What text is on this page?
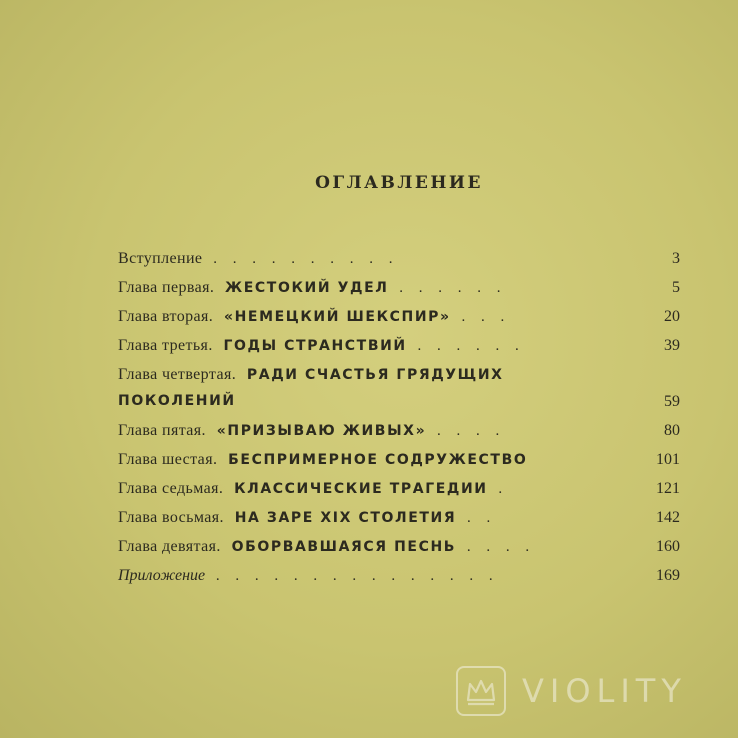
ОГЛАВЛЕНИЕ
Вступление . . . . . . . . . .	3
Глава первая. ЖЕСТОКИЙ УДЕЛ . . . . . .	5
Глава вторая. «НЕМЕЦКИЙ ШЕКСПИР» . . .	20
Глава третья. ГОДЫ СТРАНСТВИЙ . . . . . .	39
Глава четвертая. РАДИ СЧАСТЬЯ ГРЯДУЩИХ
ПОКОЛЕНИЙ	59
Глава пятая. «ПРИЗЫВАЮ ЖИВЫХ» . . . .	80
Глава шестая. БЕСПРИМЕРНОЕ СОДРУЖЕСТВО	101
Глава седьмая. КЛАССИЧЕСКИЕ ТРАГЕДИИ .	121
Глава восьмая. НА ЗАРЕ XIX СТОЛЕТИЯ . .	142
Глава девятая. ОБОРВАВШАЯСЯ ПЕСНЬ . . . .	160
Приложение . . . . . . . . . . . . . . .	169
VIOLITY
